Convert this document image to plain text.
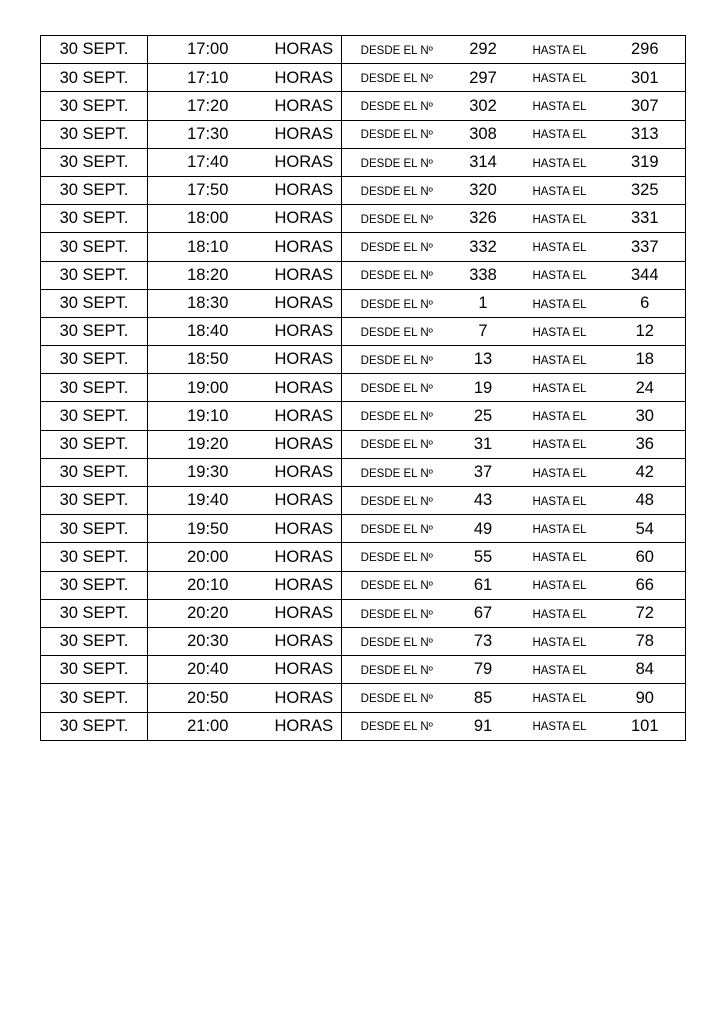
30 SEPT.	17:00	HORAS	DESDE EL Nº	292	HASTA EL	296
30 SEPT.	17:10	HORAS	DESDE EL Nº	297	HASTA EL	301
30 SEPT.	17:20	HORAS	DESDE EL Nº	302	HASTA EL	307
30 SEPT.	17:30	HORAS	DESDE EL Nº	308	HASTA EL	313
30 SEPT.	17:40	HORAS	DESDE EL Nº	314	HASTA EL	319
30 SEPT.	17:50	HORAS	DESDE EL Nº	320	HASTA EL	325
30 SEPT.	18:00	HORAS	DESDE EL Nº	326	HASTA EL	331
30 SEPT.	18:10	HORAS	DESDE EL Nº	332	HASTA EL	337
30 SEPT.	18:20	HORAS	DESDE EL Nº	338	HASTA EL	344
30 SEPT.	18:30	HORAS	DESDE EL Nº	1	HASTA EL	6
30 SEPT.	18:40	HORAS	DESDE EL Nº	7	HASTA EL	12
30 SEPT.	18:50	HORAS	DESDE EL Nº	13	HASTA EL	18
30 SEPT.	19:00	HORAS	DESDE EL Nº	19	HASTA EL	24
30 SEPT.	19:10	HORAS	DESDE EL Nº	25	HASTA EL	30
30 SEPT.	19:20	HORAS	DESDE EL Nº	31	HASTA EL	36
30 SEPT.	19:30	HORAS	DESDE EL Nº	37	HASTA EL	42
30 SEPT.	19:40	HORAS	DESDE EL Nº	43	HASTA EL	48
30 SEPT.	19:50	HORAS	DESDE EL Nº	49	HASTA EL	54
30 SEPT.	20:00	HORAS	DESDE EL Nº	55	HASTA EL	60
30 SEPT.	20:10	HORAS	DESDE EL Nº	61	HASTA EL	66
30 SEPT.	20:20	HORAS	DESDE EL Nº	67	HASTA EL	72
30 SEPT.	20:30	HORAS	DESDE EL Nº	73	HASTA EL	78
30 SEPT.	20:40	HORAS	DESDE EL Nº	79	HASTA EL	84
30 SEPT.	20:50	HORAS	DESDE EL Nº	85	HASTA EL	90
30 SEPT.	21:00	HORAS	DESDE EL Nº	91	HASTA EL	101
